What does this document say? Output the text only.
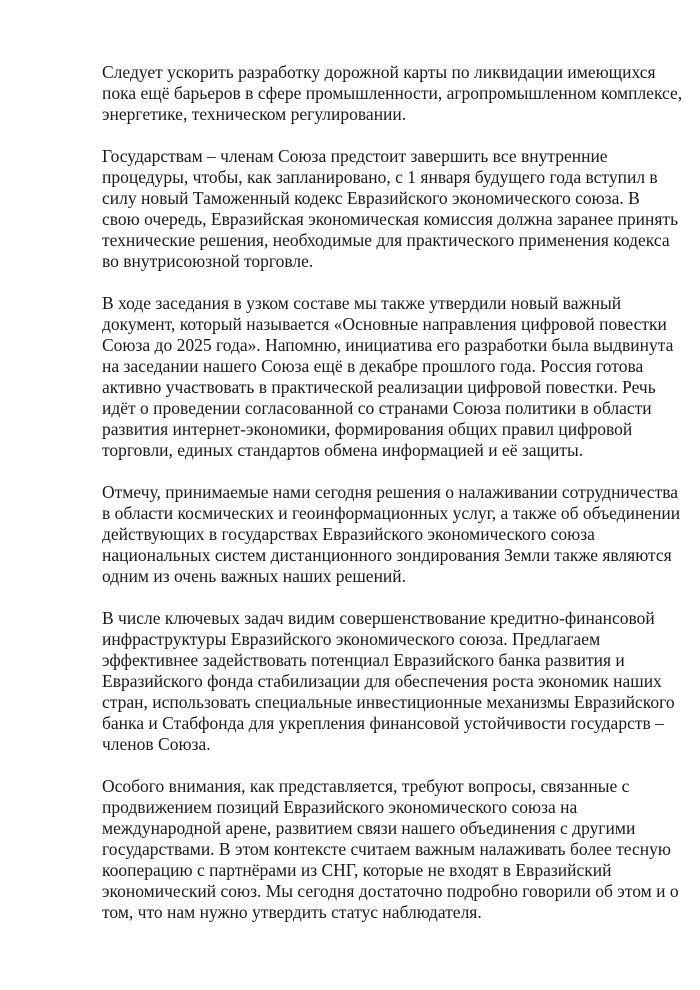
Следует ускорить разработку дорожной карты по ликвидации имеющихся
пока ещё барьеров в сфере промышленности, агропромышленном комплексе,
энергетике, техническом регулировании.

Государствам – членам Союза предстоит завершить все внутренние
процедуры, чтобы, как запланировано, с 1 января будущего года вступил в
силу новый Таможенный кодекс Евразийского экономического союза. В
свою очередь, Евразийская экономическая комиссия должна заранее принять
технические решения, необходимые для практического применения кодекса
во внутрисоюзной торговле.

В ходе заседания в узком составе мы также утвердили новый важный
документ, который называется «Основные направления цифровой повестки
Союза до 2025 года». Напомню, инициатива его разработки была выдвинута
на заседании нашего Союза ещё в декабре прошлого года. Россия готова
активно участвовать в практической реализации цифровой повестки. Речь
идёт о проведении согласованной со странами Союза политики в области
развития интернет-экономики, формирования общих правил цифровой
торговли, единых стандартов обмена информацией и её защиты.

Отмечу, принимаемые нами сегодня решения о налаживании сотрудничества
в области космических и геоинформационных услуг, а также об объединении
действующих в государствах Евразийского экономического союза
национальных систем дистанционного зондирования Земли также являются
одним из очень важных наших решений.

В числе ключевых задач видим совершенствование кредитно-финансовой
инфраструктуры Евразийского экономического союза. Предлагаем
эффективнее задействовать потенциал Евразийского банка развития и
Евразийского фонда стабилизации для обеспечения роста экономик наших
стран, использовать специальные инвестиционные механизмы Евразийского
банка и Стабфонда для укрепления финансовой устойчивости государств –
членов Союза.

Особого внимания, как представляется, требуют вопросы, связанные с
продвижением позиций Евразийского экономического союза на
международной арене, развитием связи нашего объединения с другими
государствами. В этом контексте считаем важным налаживать более тесную
кооперацию с партнёрами из СНГ, которые не входят в Евразийский
экономический союз. Мы сегодня достаточно подробно говорили об этом и о
том, что нам нужно утвердить статус наблюдателя.
